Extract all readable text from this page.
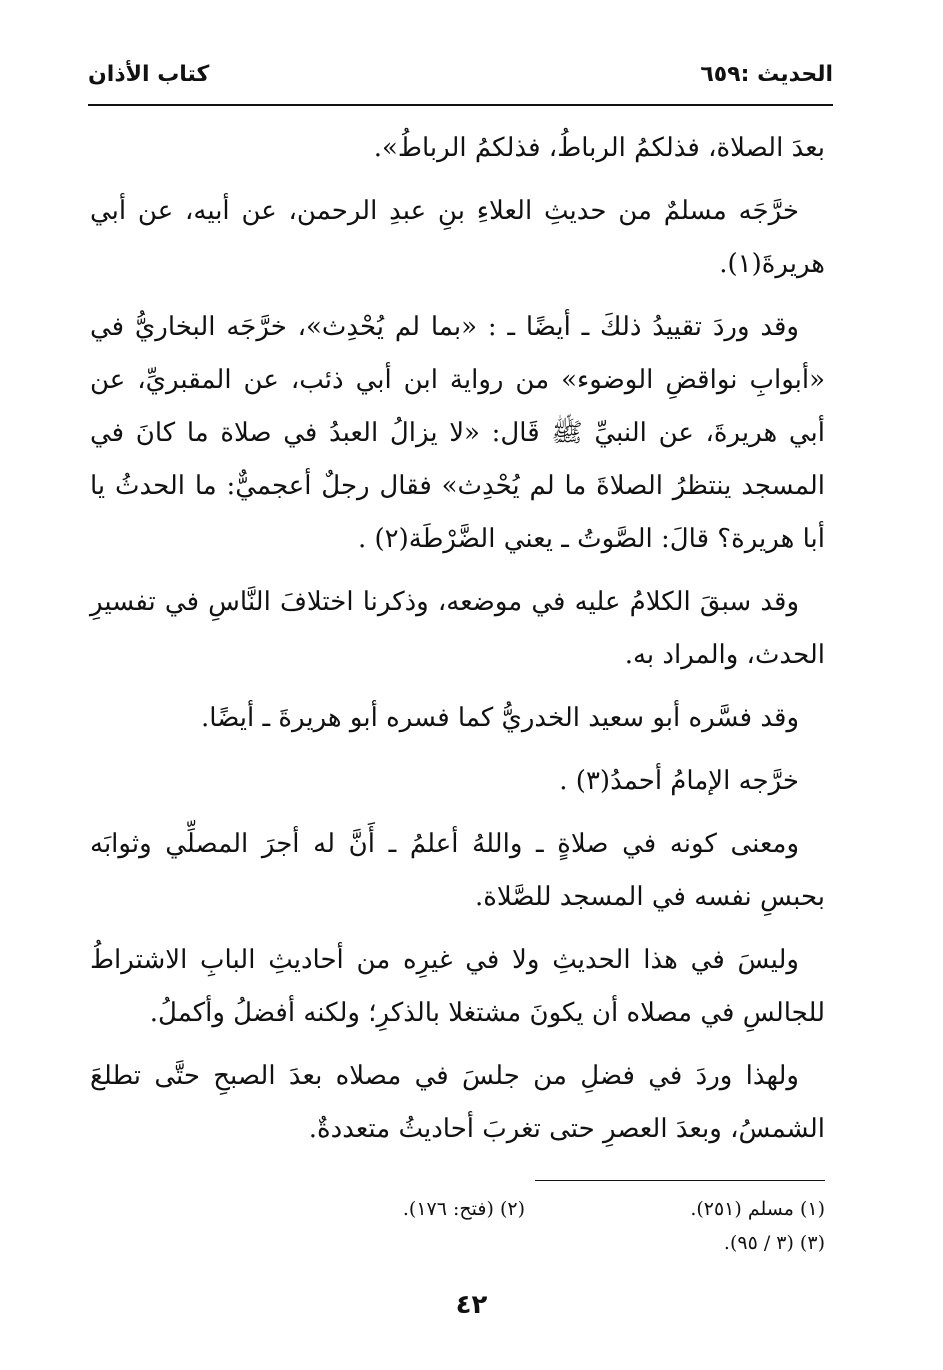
الحديث :٦٥٩
كتاب الأذان

بعدَ الصلاة، فذلكمُ الرباطُ، فذلكمُ الرباطُ».

خرَّجَه مسلمٌ من حديثِ العلاءِ بنِ عبدِ الرحمن، عن أبيه، عن أبي هريرةَ(١).

وقد وردَ تقييدُ ذلكَ ـ أيضًا ـ : «بما لم يُحْدِث»، خرَّجَه البخاريُّ في «أبوابِ نواقضِ الوضوء» من رواية ابن أبي ذئب، عن المقبريِّ، عن أبي هريرةَ، عن النبيِّ ﷺ قَال: «لا يزالُ العبدُ في صلاة ما كانَ في المسجد ينتظرُ الصلاةَ ما لم يُحْدِث» فقال رجلٌ أعجميٌّ: ما الحدثُ يا أبا هريرة؟ قالَ: الصَّوتُ ـ يعني الضَّرْطَة(٢) .

وقد سبقَ الكلامُ عليه في موضعه، وذكرنا اختلافَ النَّاسِ في تفسيرِ الحدث، والمراد به.

وقد فسَّره أبو سعيد الخدريُّ كما فسره أبو هريرةَ ـ أيضًا.

خرَّجه الإمامُ أحمدُ(٣) .

ومعنى كونه في صلاةٍ ـ واللهُ أعلمُ ـ أَنَّ له أجرَ المصلِّي وثوابَه بحبسِ نفسه في المسجد للصَّلاة.

وليسَ في هذا الحديثِ ولا في غيرِه من أحاديثِ البابِ الاشتراطُ للجالسِ في مصلاه أن يكونَ مشتغلا بالذكرِ؛ ولكنه أفضلُ وأكملُ.

ولهذا وردَ في فضلِ من جلسَ في مصلاه بعدَ الصبحِ حتَّى تطلعَ الشمسُ، وبعدَ العصرِ حتى تغربَ أحاديثُ متعددةٌ.

(١) مسلم (٢٥١).
(٢) (فتح: ١٧٦).
(٣) (٣ / ٩٥).
٤٢
